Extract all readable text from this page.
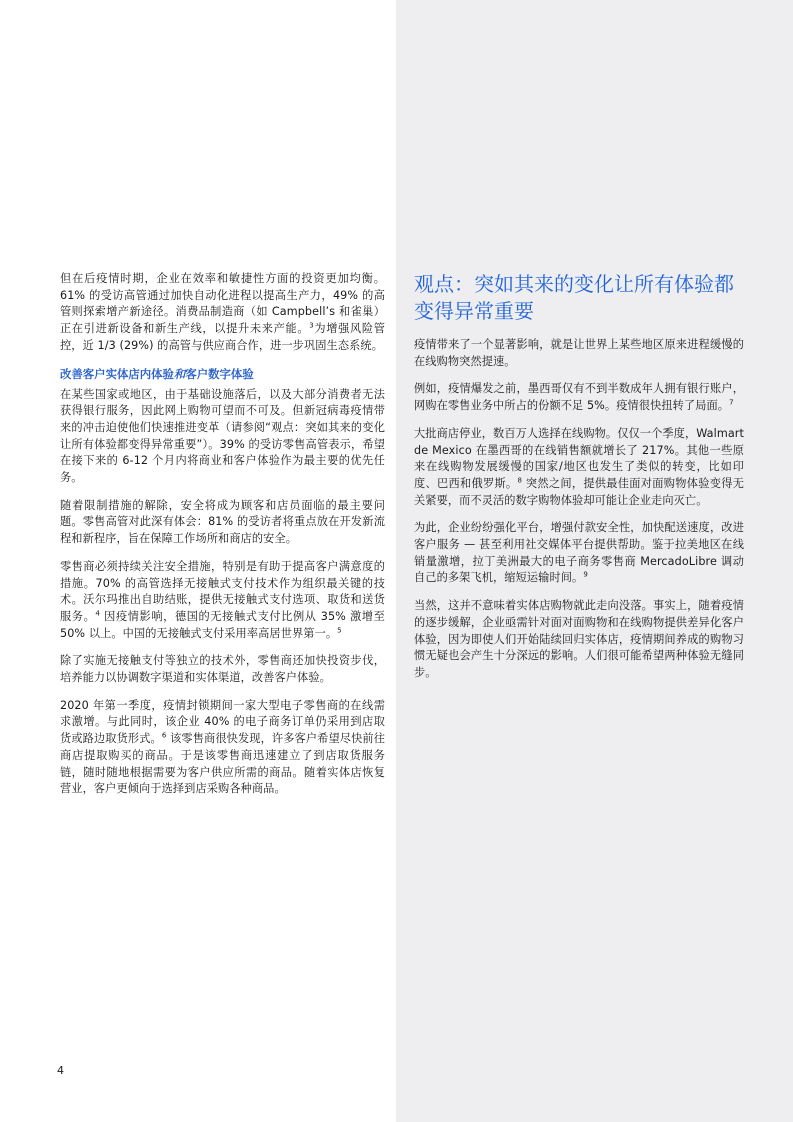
但在后疫情时期，企业在效率和敏捷性方面的投资更加均衡。61% 的受访高管通过加快自动化进程以提高生产力，49% 的高管则探索增产新途径。消费品制造商（如 Campbell’s 和雀巢）正在引进新设备和新生产线，以提升未来产能。$^3$为增强风险管控，近 1/3 (29%) 的高管与供应商合作，进一步巩固生态系统。

改善客户实体店内体验和客户数字体验

在某些国家或地区，由于基础设施落后，以及大部分消费者无法获得银行服务，因此网上购物可望而不可及。但新冠病毒疫情带来的冲击迫使他们快速推进变革（请参阅“观点：突如其来的变化让所有体验都变得异常重要”）。39% 的受访零售高管表示，希望在接下来的 6-12 个月内将商业和客户体验作为最主要的优先任务。

随着限制措施的解除，安全将成为顾客和店员面临的最主要问题。零售高管对此深有体会：81% 的受访者将重点放在开发新流程和新程序，旨在保障工作场所和商店的安全。

零售商必须持续关注安全措施，特别是有助于提高客户满意度的措施。70% 的高管选择无接触式支付技术作为组织最关键的技术。沃尔玛推出自助结账，提供无接触式支付选项、取货和送货服务。$^4$ 因疫情影响，德国的无接触式支付比例从 35% 激增至 50% 以上。中国的无接触式支付采用率高居世界第一。$^5$

除了实施无接触支付等独立的技术外，零售商还加快投资步伐，培养能力以协调数字渠道和实体渠道，改善客户体验。

2020 年第一季度，疫情封锁期间一家大型电子零售商的在线需求激增。与此同时，该企业 40% 的电子商务订单仍采用到店取货或路边取货形式。$^6$ 该零售商很快发现，许多客户希望尽快前往商店提取购买的商品。于是该零售商迅速建立了到店取货服务链，随时随地根据需要为客户供应所需的商品。随着实体店恢复营业，客户更倾向于选择到店采购各种商品。

观点：突如其来的变化让所有体验都变得异常重要

疫情带来了一个显著影响，就是让世界上某些地区原来进程缓慢的在线购物突然提速。

例如，疫情爆发之前，墨西哥仅有不到半数成年人拥有银行账户，网购在零售业务中所占的份额不足 5%。疫情很快扭转了局面。$^7$

大批商店停业，数百万人选择在线购物。仅仅一个季度，Walmart de Mexico 在墨西哥的在线销售额就增长了 217%。其他一些原来在线购物发展缓慢的国家/地区也发生了类似的转变，比如印度、巴西和俄罗斯。$^8$ 突然之间，提供最佳面对面购物体验变得无关紧要，而不灵活的数字购物体验却可能让企业走向灭亡。

为此，企业纷纷强化平台，增强付款安全性，加快配送速度，改进客户服务 — 甚至利用社交媒体平台提供帮助。鉴于拉美地区在线销量激增，拉丁美洲最大的电子商务零售商 MercadoLibre 调动自己的多架飞机，缩短运输时间。$^9$

当然，这并不意味着实体店购物就此走向没落。事实上，随着疫情的逐步缓解，企业亟需针对面对面购物和在线购物提供差异化客户体验，因为即使人们开始陆续回归实体店，疫情期间养成的购物习惯无疑也会产生十分深远的影响。人们很可能希望两种体验无缝同步。

4
